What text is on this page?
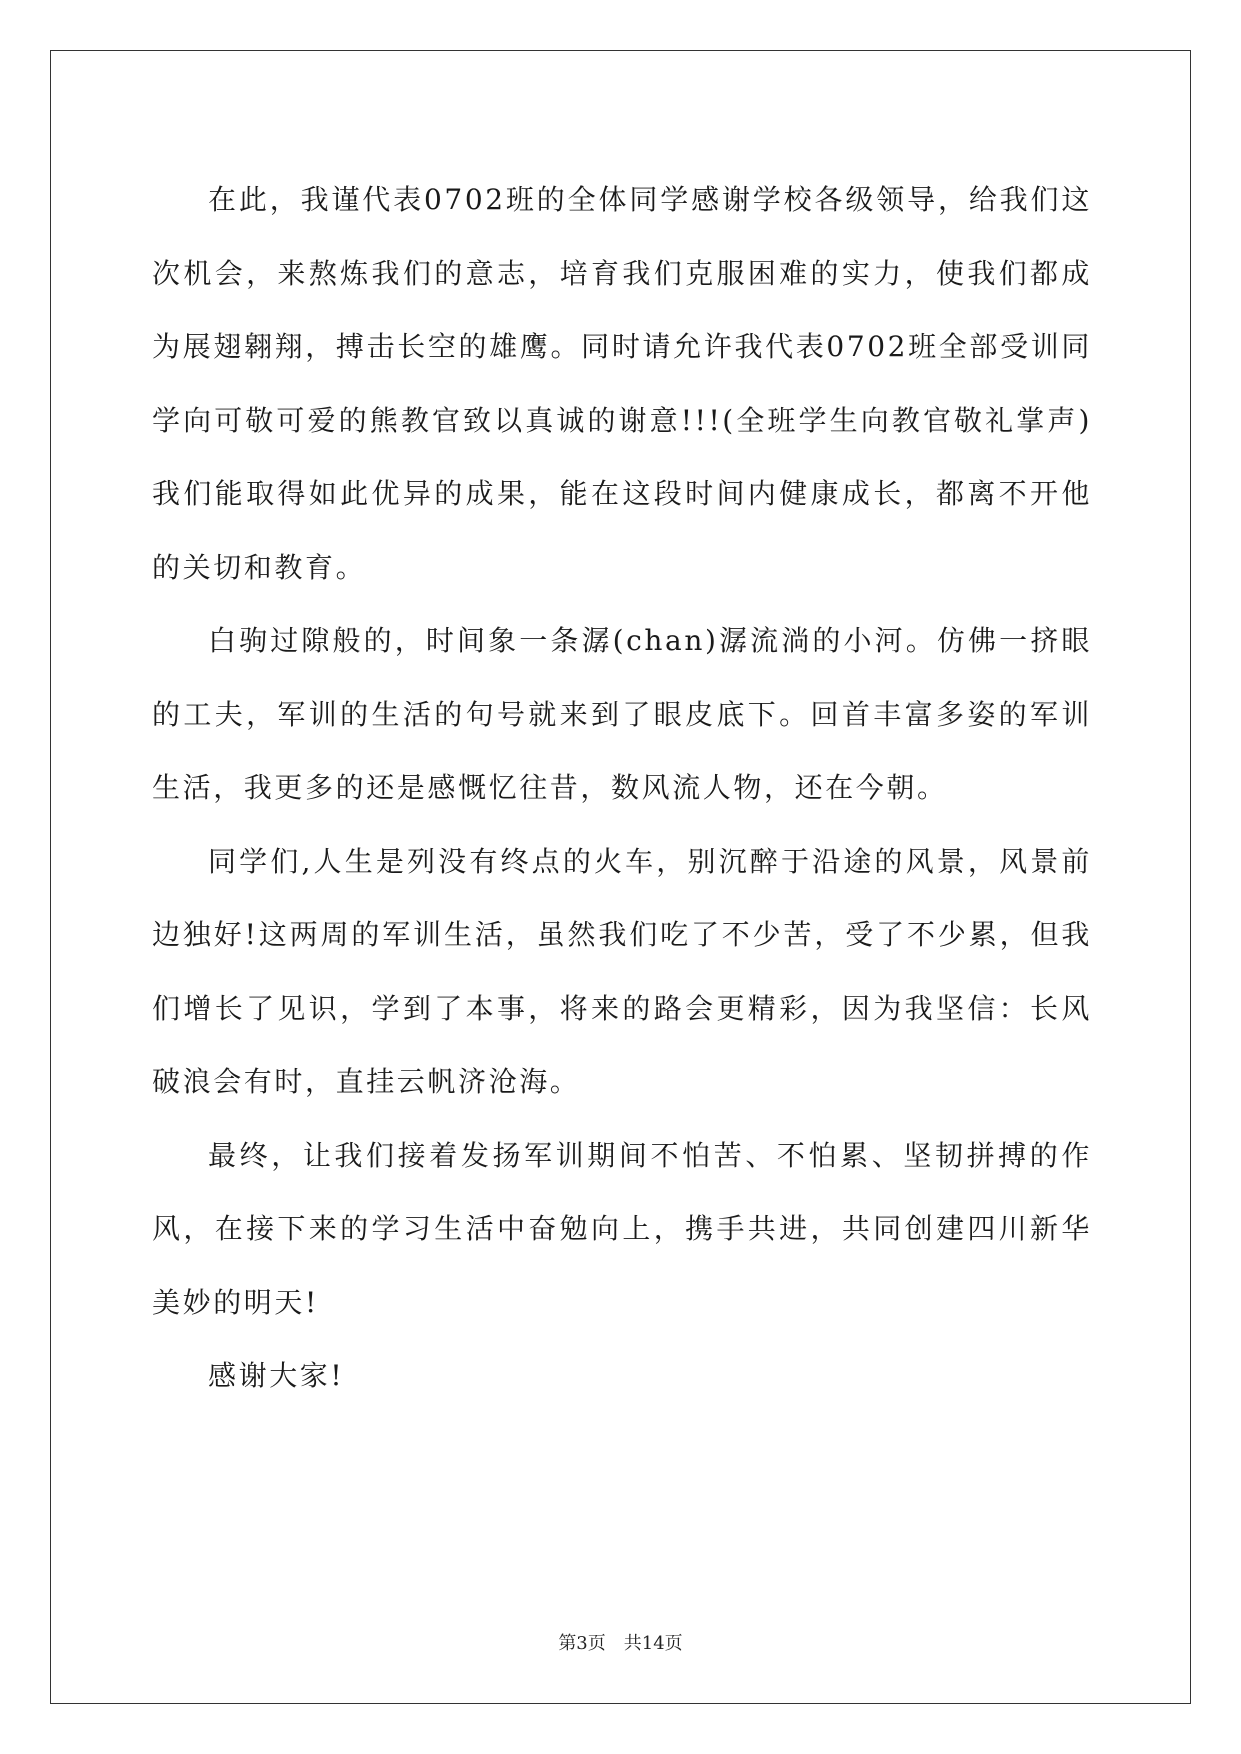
在此，我谨代表0702班的全体同学感谢学校各级领导，给我们这次机会，来熬炼我们的意志，培育我们克服困难的实力，使我们都成为展翅翱翔，搏击长空的雄鹰。同时请允许我代表0702班全部受训同学向可敬可爱的熊教官致以真诚的谢意!!!(全班学生向教官敬礼掌声)我们能取得如此优异的成果，能在这段时间内健康成长，都离不开他的关切和教育。

白驹过隙般的，时间象一条潺(chan)潺流淌的小河。仿佛一挤眼的工夫，军训的生活的句号就来到了眼皮底下。回首丰富多姿的军训生活，我更多的还是感慨忆往昔，数风流人物，还在今朝。

同学们,人生是列没有终点的火车，别沉醉于沿途的风景，风景前边独好!这两周的军训生活，虽然我们吃了不少苦，受了不少累，但我们增长了见识，学到了本事，将来的路会更精彩，因为我坚信：长风破浪会有时，直挂云帆济沧海。

最终，让我们接着发扬军训期间不怕苦、不怕累、坚韧拼搏的作风，在接下来的学习生活中奋勉向上，携手共进，共同创建四川新华美妙的明天!

感谢大家!

第3页 共14页
